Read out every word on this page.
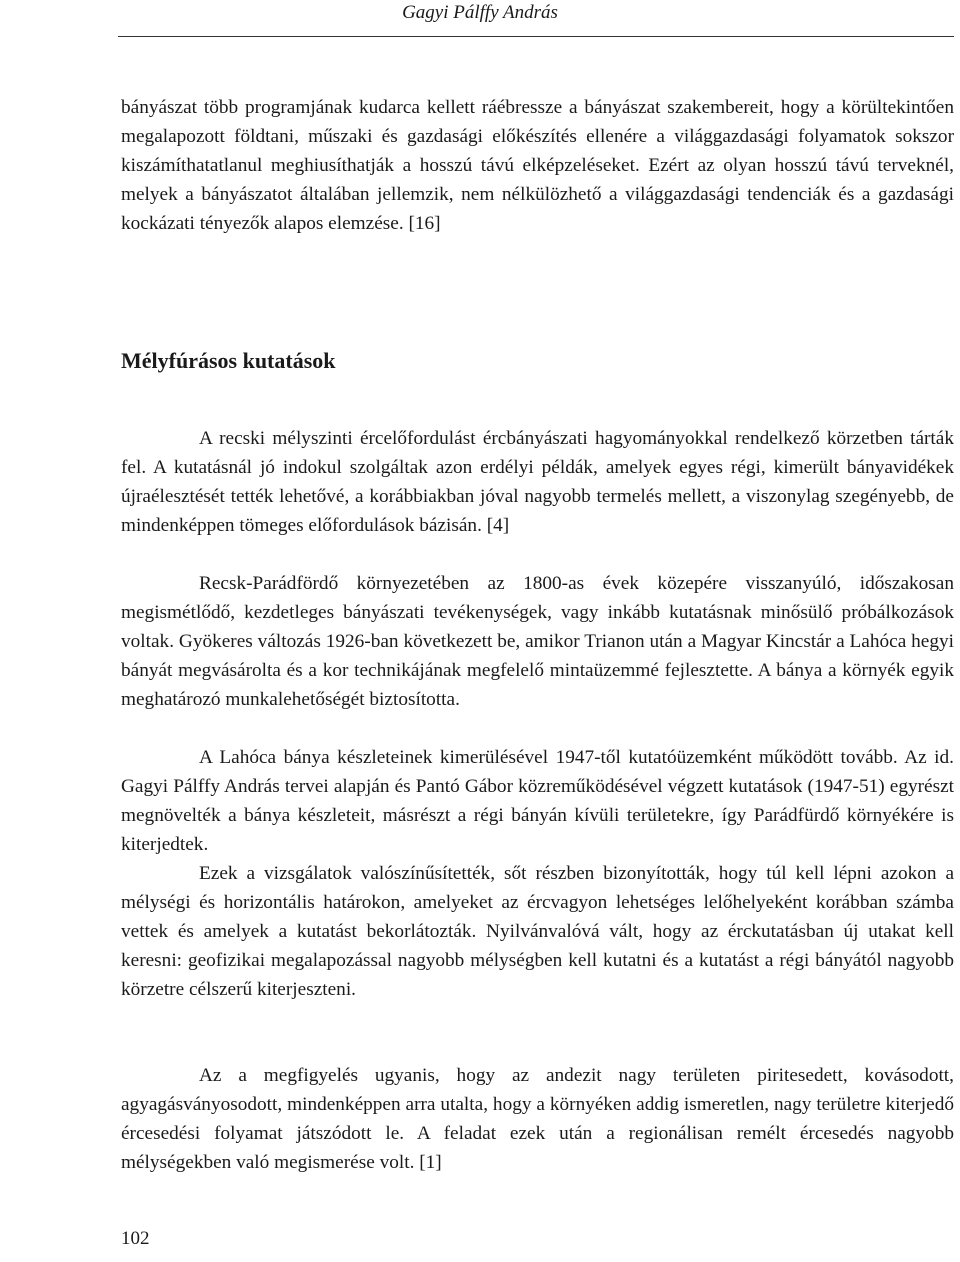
Gagyi Pálffy András

bányászat több programjának kudarca kellett ráébressze a bányászat szakembereit, hogy a körültekintően megalapozott földtani, műszaki és gazdasági előkészítés ellenére a világgazdasági folyamatok sokszor kiszámíthatatlanul meghiusíthatják a hosszú távú elképzeléseket. Ezért az olyan hosszú távú terveknél, melyek a bányászatot általában jellemzik, nem nélkülözhető a világgazdasági tendenciák és a gazdasági kockázati tényezők alapos elemzése. [16]

Mélyfúrásos kutatások

A recski mélyszinti ércelőfordulást ércbányászati hagyományokkal rendelkező körzetben tárták fel. A kutatásnál jó indokul szolgáltak azon erdélyi példák, amelyek egyes régi, kimerült bányavidékek újraélesztését tették lehetővé, a korábbiakban jóval nagyobb termelés mellett, a viszonylag szegényebb, de mindenképpen tömeges előfordulások bázisán. [4]

Recsk-Parádfördő környezetében az 1800-as évek közepére visszanyúló, időszakosan megismétlődő, kezdetleges bányászati tevékenységek, vagy inkább kutatásnak minősülő próbálkozások voltak. Gyökeres változás 1926-ban következett be, amikor Trianon után a Magyar Kincstár a Lahóca hegyi bányát megvásárolta és a kor technikájának megfelelő mintaüzemmé fejlesztette. A bánya a környék egyik meghatározó munkalehetőségét biztosította.

A Lahóca bánya készleteinek kimerülésével 1947-től kutatóüzemként működött tovább. Az id. Gagyi Pálffy András tervei alapján és Pantó Gábor közreműködésével végzett kutatások (1947-51) egyrészt megnövelték a bánya készleteit, másrészt a régi bányán kívüli területekre, így Parádfürdő környékére is kiterjedtek.

Ezek a vizsgálatok valószínűsítették, sőt részben bizonyították, hogy túl kell lépni azokon a mélységi és horizontális határokon, amelyeket az ércvagyon lehetséges lelőhelyeként korábban számba vettek és amelyek a kutatást bekorlátozták. Nyilvánvalóvá vált, hogy az érckutatásban új utakat kell keresni: geofizikai megalapozással nagyobb mélységben kell kutatni és a kutatást a régi bányától nagyobb körzetre célszerű kiterjeszteni.

Az a megfigyelés ugyanis, hogy az andezit nagy területen piritesedett, kovásodott, agyagásványosodott, mindenképpen arra utalta, hogy a környéken addig ismeretlen, nagy területre kiterjedő ércesedési folyamat játszódott le. A feladat ezek után a regionálisan remélt ércesedés nagyobb mélységekben való megismerése volt. [1]

102
